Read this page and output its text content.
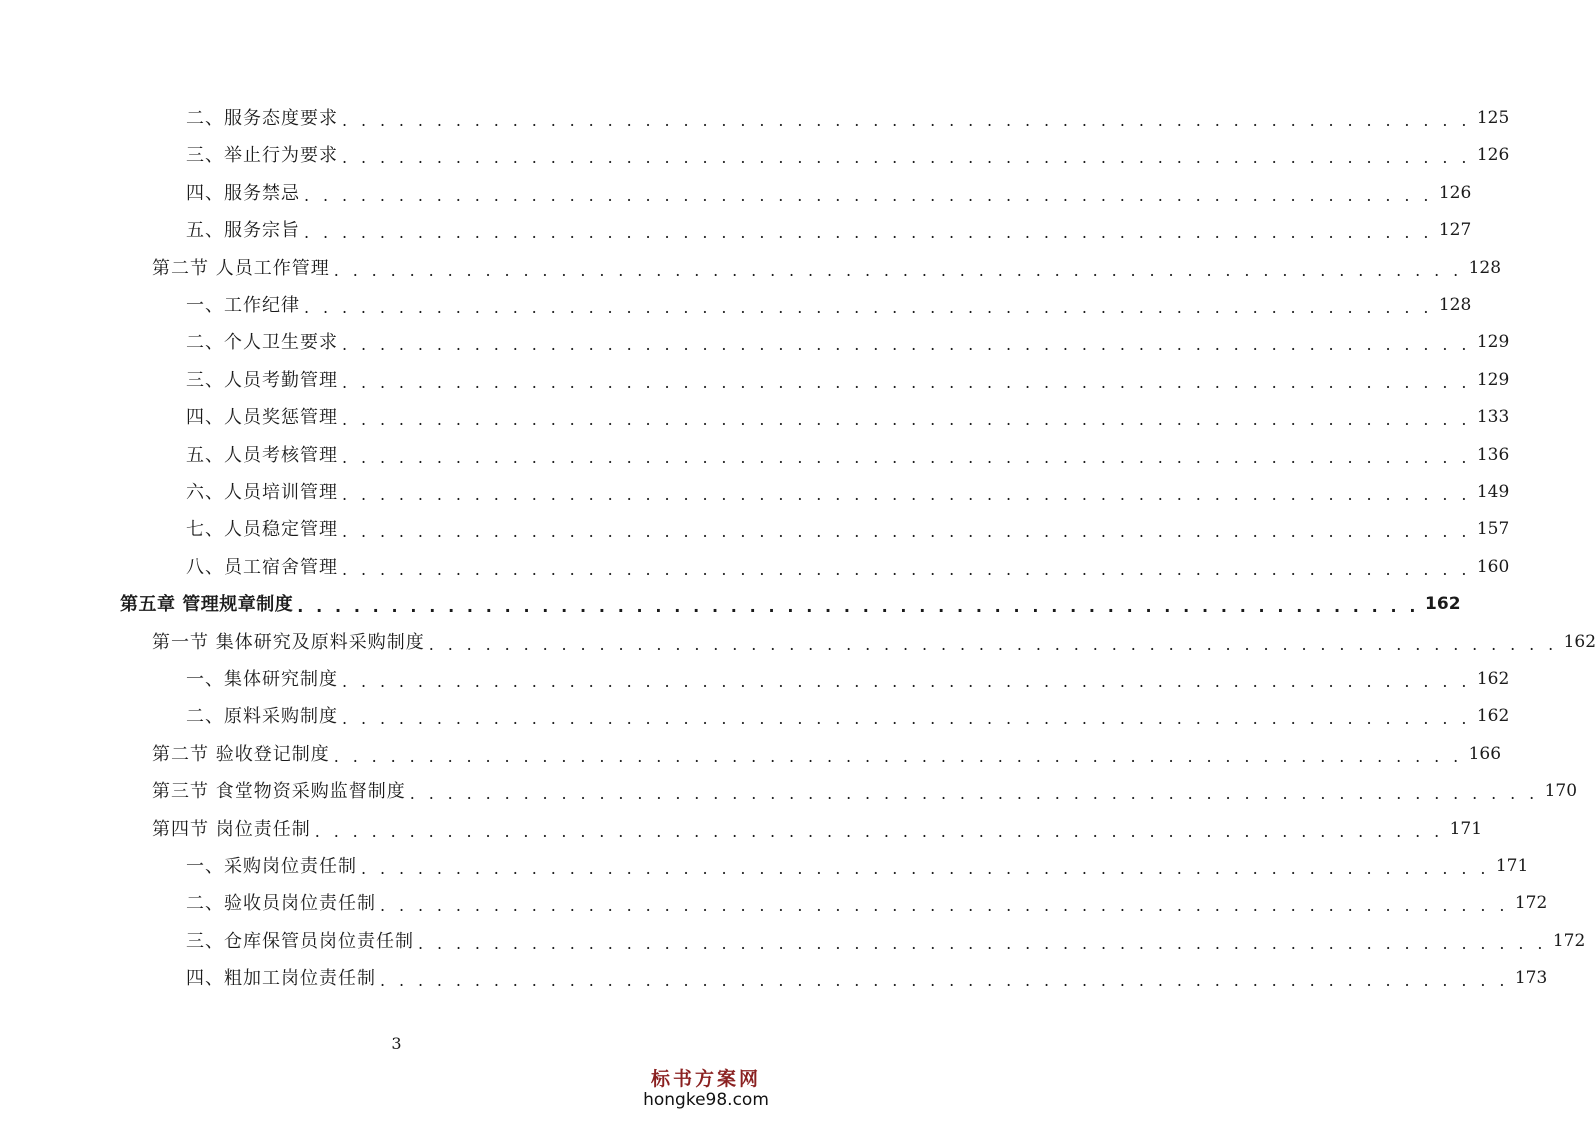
二、服务态度要求 . . . . . . . . . . . . . . . . . . . . . . . . . . . . . . . . . . . . . . . . . . . . . . . . . . . . . . . . . . . . 125
三、举止行为要求 . . . . . . . . . . . . . . . . . . . . . . . . . . . . . . . . . . . . . . . . . . . . . . . . . . . . . . . . . . . . 126
四、服务禁忌 . . . . . . . . . . . . . . . . . . . . . . . . . . . . . . . . . . . . . . . . . . . . . . . . . . . . . . . . . . . . 126
五、服务宗旨 . . . . . . . . . . . . . . . . . . . . . . . . . . . . . . . . . . . . . . . . . . . . . . . . . . . . . . . . . . . . 127
第二节 人员工作管理 . . . . . . . . . . . . . . . . . . . . . . . . . . . . . . . . . . . . . . . . . . . . . . . . . . . . . . . . . . . . 128
一、工作纪律 . . . . . . . . . . . . . . . . . . . . . . . . . . . . . . . . . . . . . . . . . . . . . . . . . . . . . . . . . . . . 128
二、个人卫生要求 . . . . . . . . . . . . . . . . . . . . . . . . . . . . . . . . . . . . . . . . . . . . . . . . . . . . . . . . . . . . 129
三、人员考勤管理 . . . . . . . . . . . . . . . . . . . . . . . . . . . . . . . . . . . . . . . . . . . . . . . . . . . . . . . . . . . . 129
四、人员奖惩管理 . . . . . . . . . . . . . . . . . . . . . . . . . . . . . . . . . . . . . . . . . . . . . . . . . . . . . . . . . . . . 133
五、人员考核管理 . . . . . . . . . . . . . . . . . . . . . . . . . . . . . . . . . . . . . . . . . . . . . . . . . . . . . . . . . . . . 136
六、人员培训管理 . . . . . . . . . . . . . . . . . . . . . . . . . . . . . . . . . . . . . . . . . . . . . . . . . . . . . . . . . . . . 149
七、人员稳定管理 . . . . . . . . . . . . . . . . . . . . . . . . . . . . . . . . . . . . . . . . . . . . . . . . . . . . . . . . . . . . 157
八、员工宿舍管理 . . . . . . . . . . . . . . . . . . . . . . . . . . . . . . . . . . . . . . . . . . . . . . . . . . . . . . . . . . . . 160
第五章 管理规章制度 . . . . . . . . . . . . . . . . . . . . . . . . . . . . . . . . . . . . . . . . . . . . . . . . . . . . . . . . . . . . 162
第一节 集体研究及原料采购制度 . . . . . . . . . . . . . . . . . . . . . . . . . . . . . . . . . . . . . . . . . . . . . . . . . . . . . . . . . . . . 162
一、集体研究制度 . . . . . . . . . . . . . . . . . . . . . . . . . . . . . . . . . . . . . . . . . . . . . . . . . . . . . . . . . . . . 162
二、原料采购制度 . . . . . . . . . . . . . . . . . . . . . . . . . . . . . . . . . . . . . . . . . . . . . . . . . . . . . . . . . . . . 162
第二节 验收登记制度 . . . . . . . . . . . . . . . . . . . . . . . . . . . . . . . . . . . . . . . . . . . . . . . . . . . . . . . . . . . . 166
第三节 食堂物资采购监督制度 . . . . . . . . . . . . . . . . . . . . . . . . . . . . . . . . . . . . . . . . . . . . . . . . . . . . . . . . . . . . 170
第四节 岗位责任制 . . . . . . . . . . . . . . . . . . . . . . . . . . . . . . . . . . . . . . . . . . . . . . . . . . . . . . . . . . . . 171
一、采购岗位责任制 . . . . . . . . . . . . . . . . . . . . . . . . . . . . . . . . . . . . . . . . . . . . . . . . . . . . . . . . . . . . 171
二、验收员岗位责任制 . . . . . . . . . . . . . . . . . . . . . . . . . . . . . . . . . . . . . . . . . . . . . . . . . . . . . . . . . . . . 172
三、仓库保管员岗位责任制 . . . . . . . . . . . . . . . . . . . . . . . . . . . . . . . . . . . . . . . . . . . . . . . . . . . . . . . . . . . . 172
四、粗加工岗位责任制 . . . . . . . . . . . . . . . . . . . . . . . . . . . . . . . . . . . . . . . . . . . . . . . . . . . . . . . . . . . . 173
3
标书方案网
hongke98.com
